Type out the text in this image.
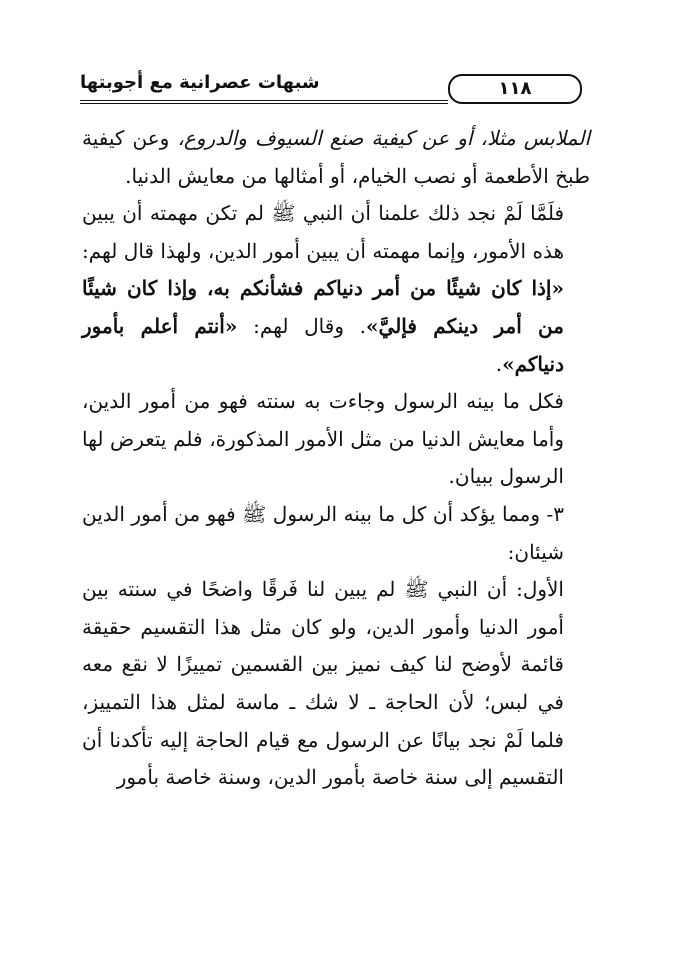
شبهات عصرانية مع أجوبتها	١١٨

الملابس مثلا، أو عن كيفية صنع السيوف والدروع، وعن كيفية طبخ الأطعمة أو نصب الخيام، أو أمثالها من معايش الدنيا.

فلَمَّا لَمْ نجد ذلك علمنا أن النبي ﷺ لم تكن مهمته أن يبين هذه الأمور، وإنما مهمته أن يبين أمور الدين، ولهذا قال لهم: «إذا كان شيئًا من أمر دنياكم فشأنكم به، وإذا كان شيئًا من أمر دينكم فإليَّ». وقال لهم: «أنتم أعلم بأمور دنياكم».

فكل ما بينه الرسول وجاءت به سنته فهو من أمور الدين، وأما معايش الدنيا من مثل الأمور المذكورة، فلم يتعرض لها الرسول ببيان.

٣- ومما يؤكد أن كل ما بينه الرسول ﷺ فهو من أمور الدين شيئان:

الأول: أن النبي ﷺ لم يبين لنا فَرقًا واضحًا في سنته بين أمور الدنيا وأمور الدين، ولو كان مثل هذا التقسيم حقيقة قائمة لأوضح لنا كيف نميز بين القسمين تمييزًا لا نقع معه في لبس؛ لأن الحاجة ـ لا شك ـ ماسة لمثل هذا التمييز، فلما لَمْ نجد بيانًا عن الرسول مع قيام الحاجة إليه تأكدنا أن التقسيم إلى سنة خاصة بأمور الدين، وسنة خاصة بأمور
